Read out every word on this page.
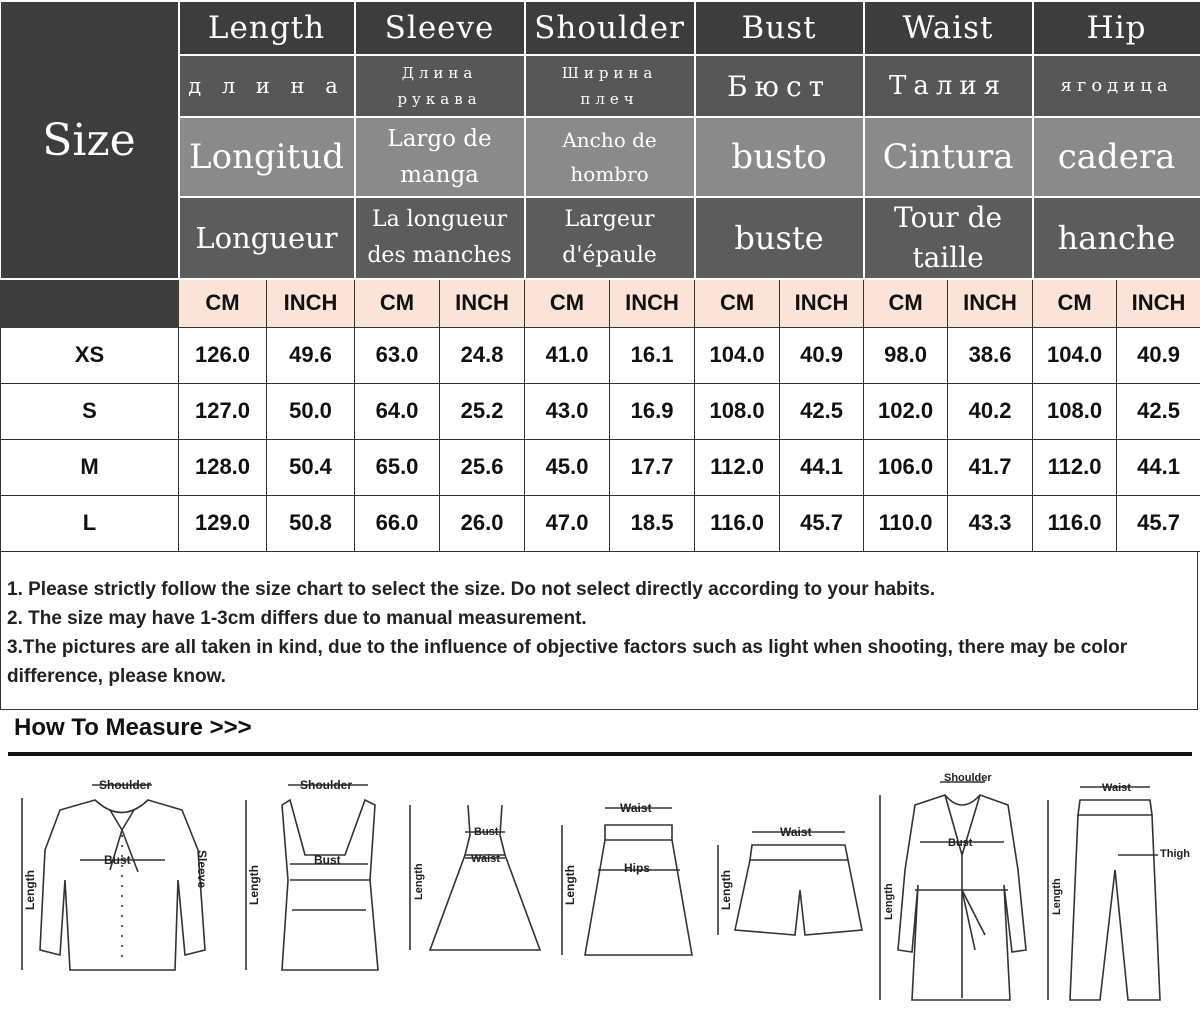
Size	Length		Sleeve		Shoulder		Bust		Waist		Hip	
	д л и н а		Длина рукава		Ширина плеч		Бюст		Талия		ягодица	

	Longitud		Largo de manga		Ancho de hombro		busto		Cintura		cadera	
	Longueur		La longueur des manches		Largeur d'épaule		buste		Tour de taille		hanche	
	CM	INCH	CM	INCH	CM	INCH	CM	INCH	CM	INCH	CM	INCH
XS	126.0	49.6	63.0	24.8	41.0	16.1	104.0	40.9	98.0	38.6	104.0	40.9
S	127.0	50.0	64.0	25.2	43.0	16.9	108.0	42.5	102.0	40.2	108.0	42.5
M	128.0	50.4	65.0	25.6	45.0	17.7	112.0	44.1	106.0	41.7	112.0	44.1
L	129.0	50.8	66.0	26.0	47.0	18.5	116.0	45.7	110.0	43.3	116.0	45.7

1. Please strictly follow the size chart to select the size. Do not select directly according to your habits.

2. The size may have 1-3cm differs due to manual measurement.

3.The pictures are all taken in kind, due to the influence of objective factors such as light when shooting, there may be color difference, please know.

How To Measure >>>
Shoulder
Bust
Length
Sleeve
Shoulder
Bust
Length
Bust
Waist
Length
Waist
Hips
Length
Waist
Length
Shoulder
Bust
Length
Waist
Thigh
Length
